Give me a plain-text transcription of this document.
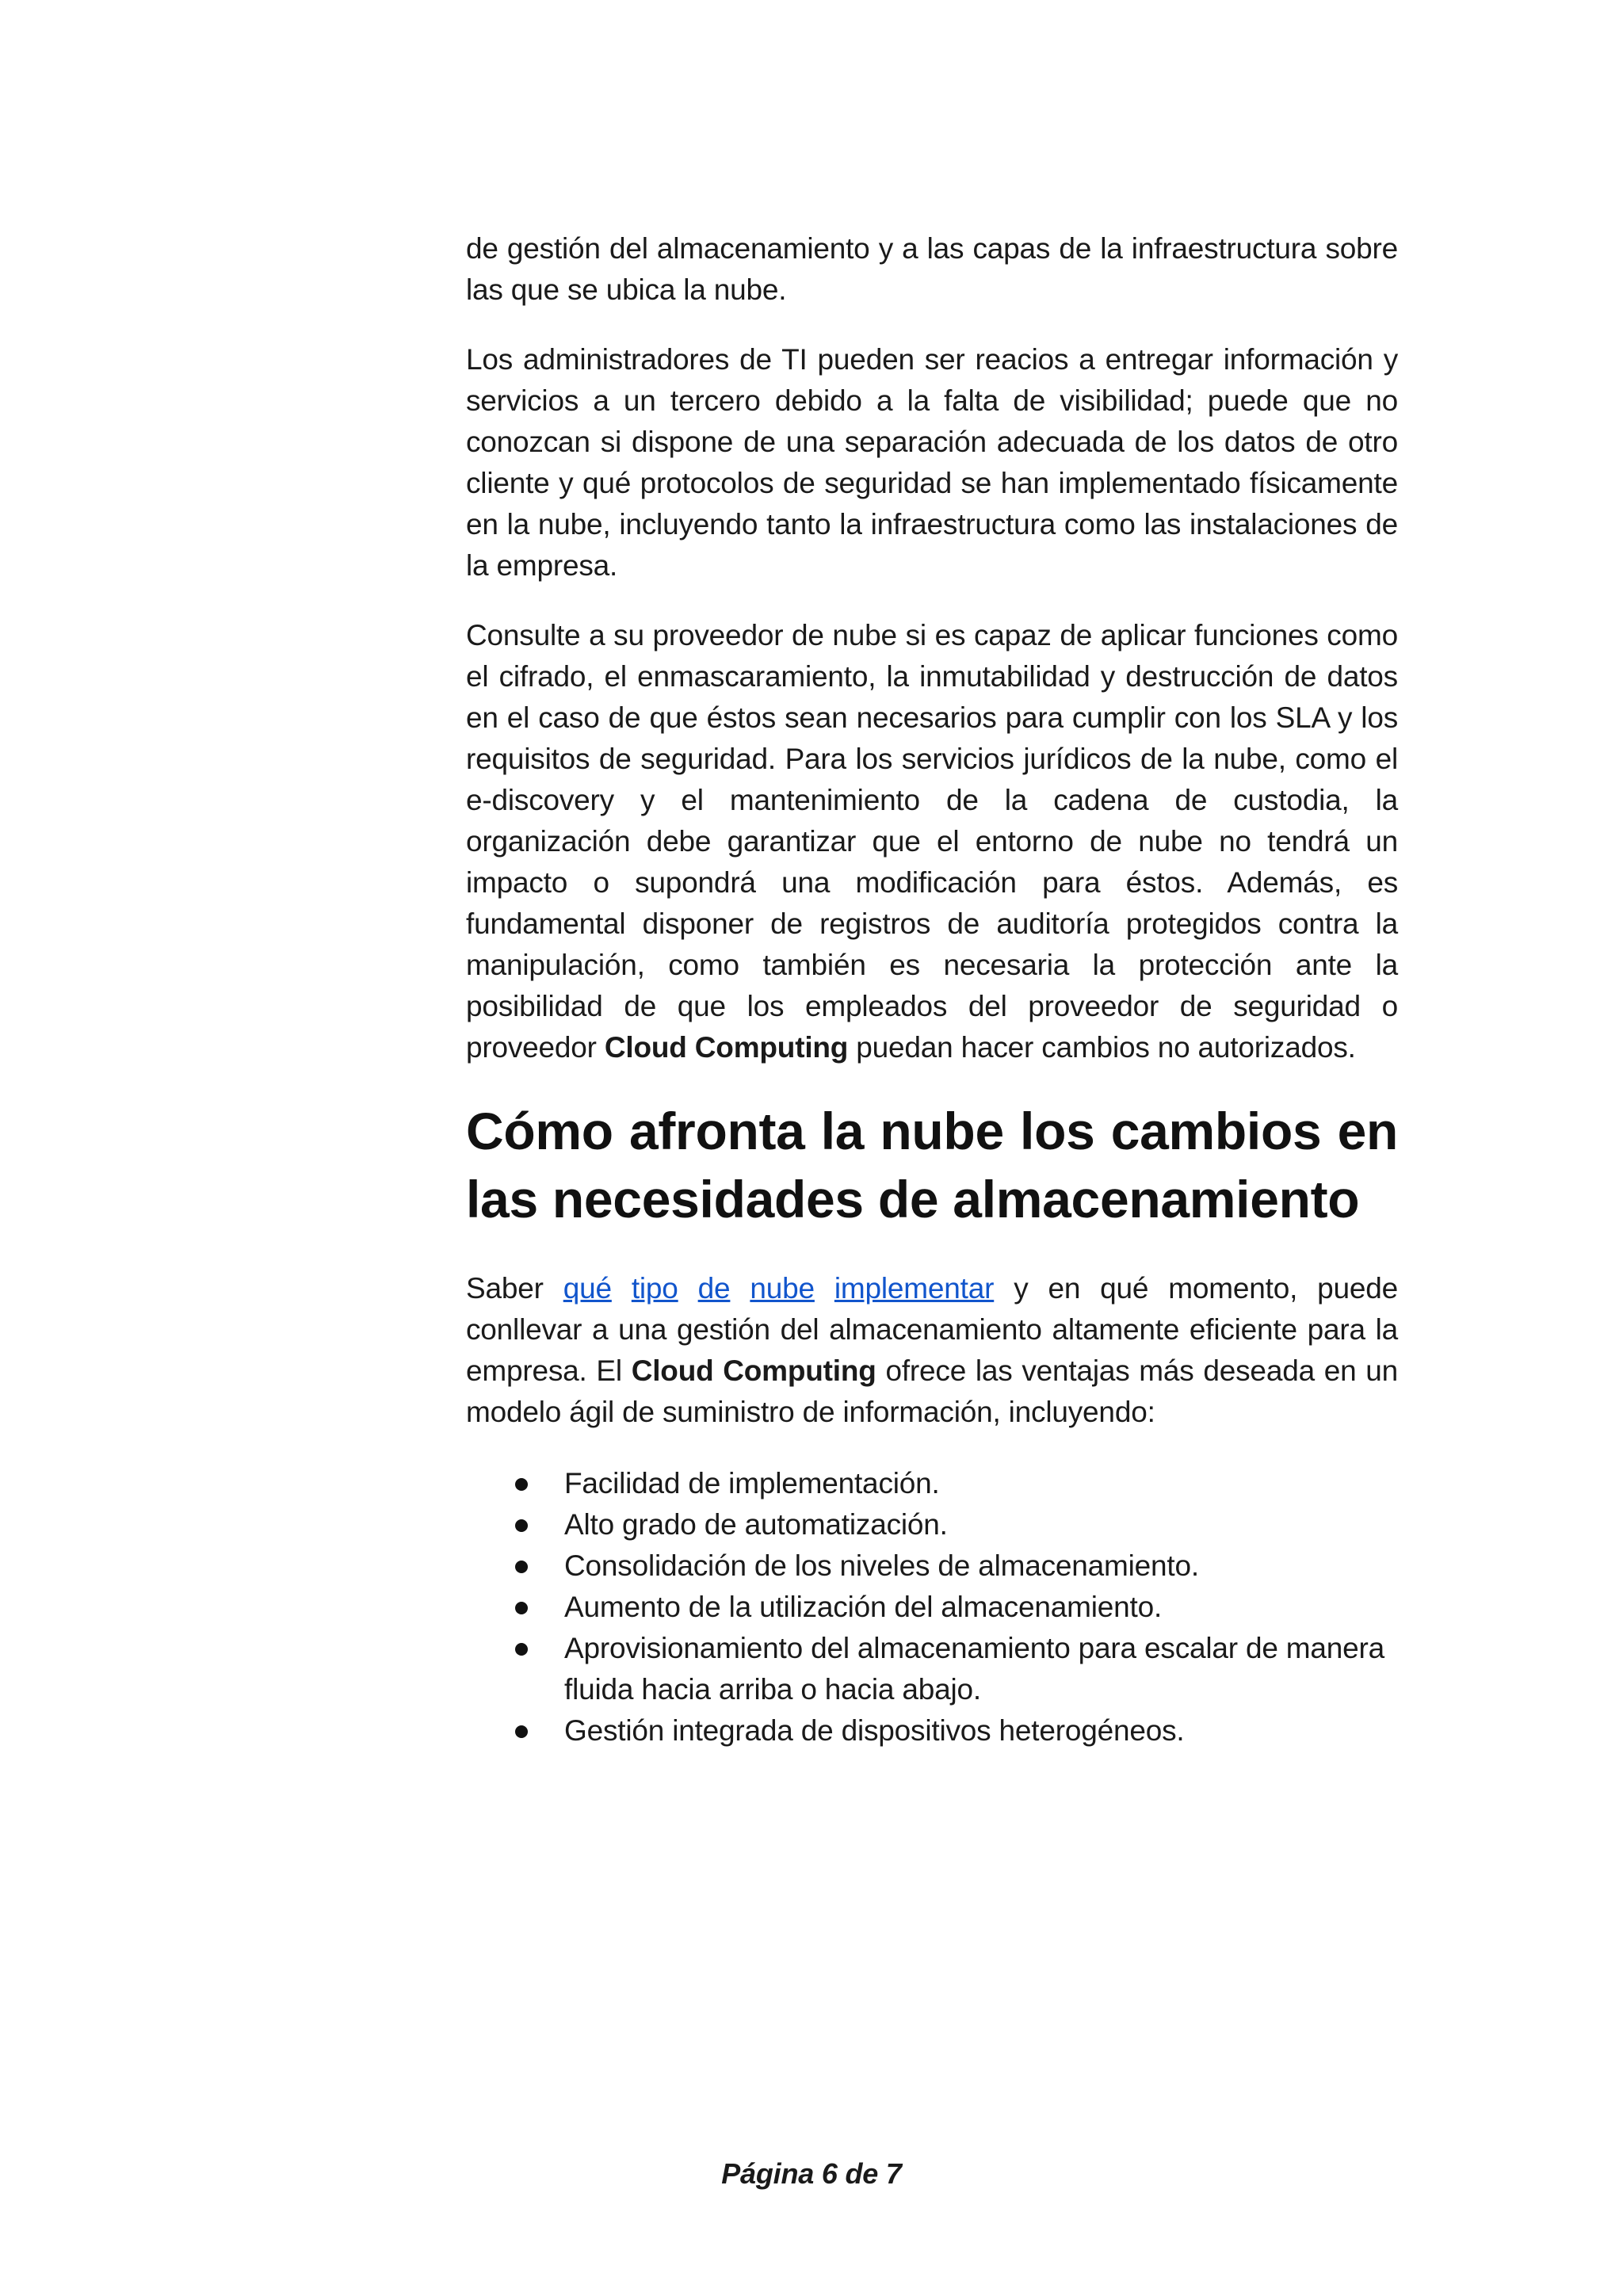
de gestión del almacenamiento y a las capas de la infraestructura sobre las que se ubica la nube.

Los administradores de TI pueden ser reacios a entregar información y servicios a un tercero debido a la falta de visibilidad; puede que no conozcan si dispone de una separación adecuada de los datos de otro cliente y qué protocolos de seguridad se han implementado físicamente en la nube, incluyendo tanto la infraestructura como las instalaciones de la empresa.

Consulte a su proveedor de nube si es capaz de aplicar funciones como el cifrado, el enmascaramiento, la inmutabilidad y destrucción de datos en el caso de que éstos sean necesarios para cumplir con los SLA y los requisitos de seguridad. Para los servicios jurídicos de la nube, como el e-discovery y el mantenimiento de la cadena de custodia, la organización debe garantizar que el entorno de nube no tendrá un impacto o supondrá una modificación para éstos. Además, es fundamental disponer de registros de auditoría protegidos contra la manipulación, como también es necesaria la protección ante la posibilidad de que los empleados del proveedor de seguridad o proveedor Cloud Computing puedan hacer cambios no autorizados.

Cómo afronta la nube los cambios en las necesidades de almacenamiento

Saber qué tipo de nube implementar y en qué momento, puede conllevar a una gestión del almacenamiento altamente eficiente para la empresa. El Cloud Computing ofrece las ventajas más deseada en un modelo ágil de suministro de información, incluyendo:

Facilidad de implementación.
Alto grado de automatización.
Consolidación de los niveles de almacenamiento.
Aumento de la utilización del almacenamiento.
Aprovisionamiento del almacenamiento para escalar de manera fluida hacia arriba o hacia abajo.
Gestión integrada de dispositivos heterogéneos.
Página 6 de 7
